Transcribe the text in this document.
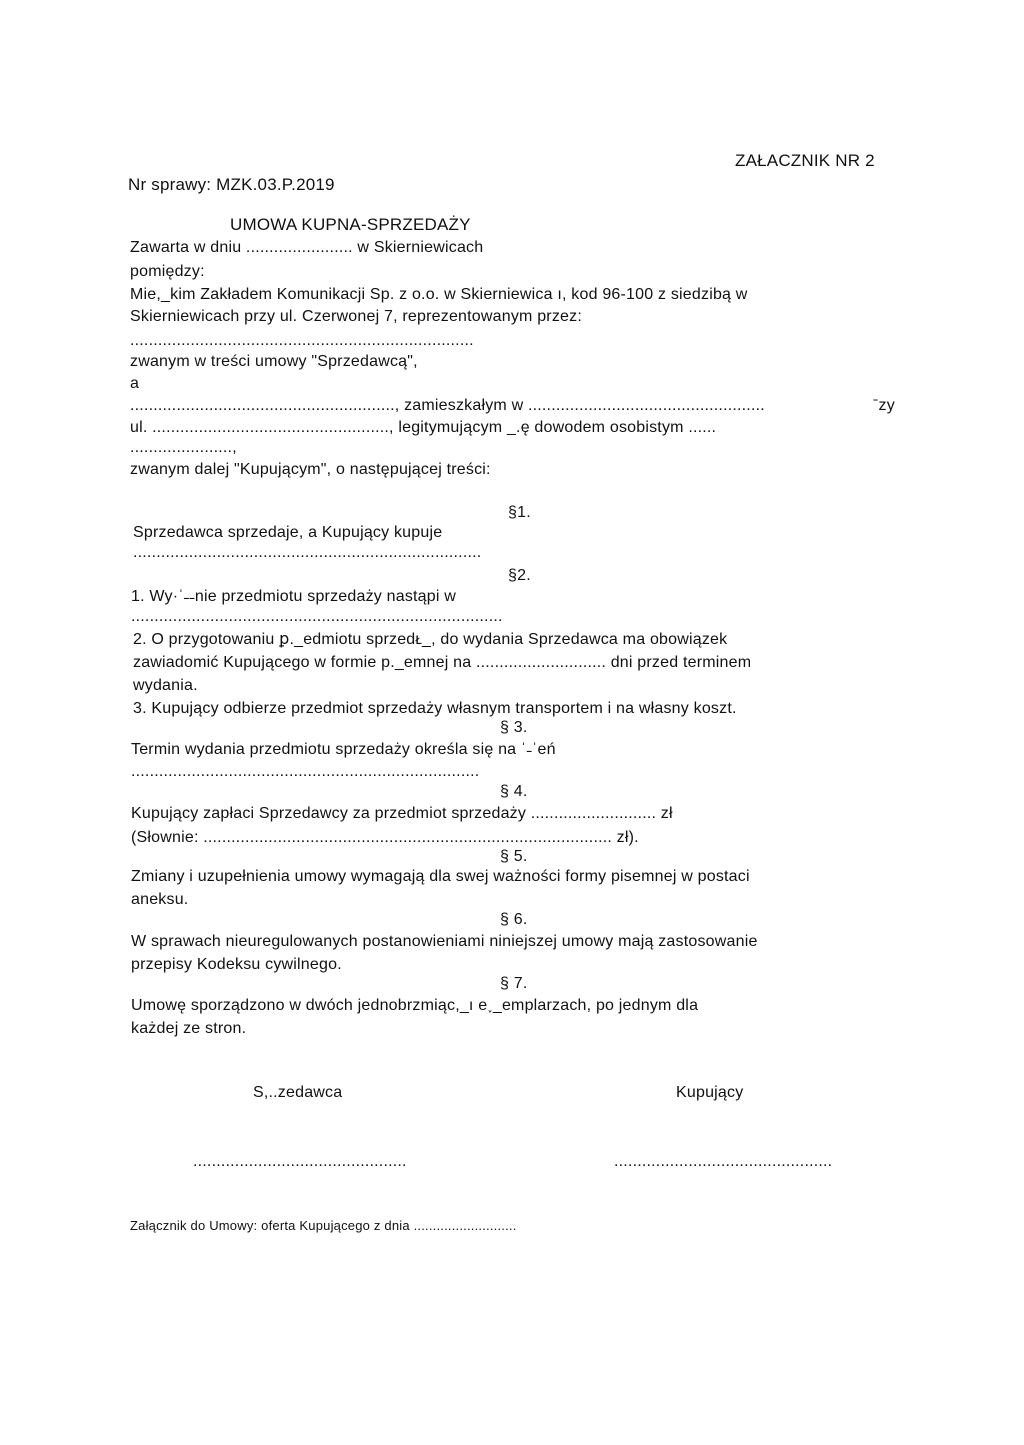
Nr sprawy: MZK.03.P.2019
ZAŁACZNIK NR 2
UMOWA KUPNA-SPRZEDAŻY
Zawarta w dniu ....................... w Skierniewicach
pomiędzy:
Mie,_kim Zakładem Komunikacji Sp. z o.o. w Skierniewica ı, kod 96-100 z siedzibą w
Skierniewicach przy ul. Czerwonej 7, reprezentowanym przez:
..........................................................................
zwanym w treści umowy "Sprzedawcą",
a
........................................................., zamieszkałym w ...................................................	ˉzy
ul. ..................................................., legitymującym _.ę dowodem osobistym ......
......................,
zwanym dalej "Kupującym", o następującej treści:
§1.
Sprzedawca sprzedaje, a Kupujący kupuje
...........................................................................
§2.
1. Wy·ˈ˗˗nie przedmiotu sprzedaży nastąpi w
................................................................................
2. O przygotowaniu ꝑ._edmiotu sprzedᴌ_, do wydania Sprzedawca ma obowiązek
zawiadomić Kupującego w formie p._emnej na ............................ dni przed terminem
wydania.
3. Kupujący odbierze przedmiot sprzedaży własnym transportem i na własny koszt.
§ 3.
Termin wydania przedmiotu sprzedaży określa się na ˈ˗ˈeń
...........................................................................
§ 4.
Kupujący zapłaci Sprzedawcy za przedmiot sprzedaży ........................... zł
(Słownie: ........................................................................................ zł).
§ 5.
Zmiany i uzupełnienia umowy wymagają dla swej ważności formy pisemnej w postaci
aneksu.
§ 6.
W sprawach nieuregulowanych postanowieniami niniejszej umowy mają zastosowanie
przepisy Kodeksu cywilnego.
§ 7.
Umowę sporządzono w dwóch jednobrzmiąc,_ı e˯_emplarzach, po jednym dla
każdej ze stron.
S,..zedawca	Kupujący
..............................................	...............................................
Załącznik do Umowy: oferta Kupującego z dnia ...........................
